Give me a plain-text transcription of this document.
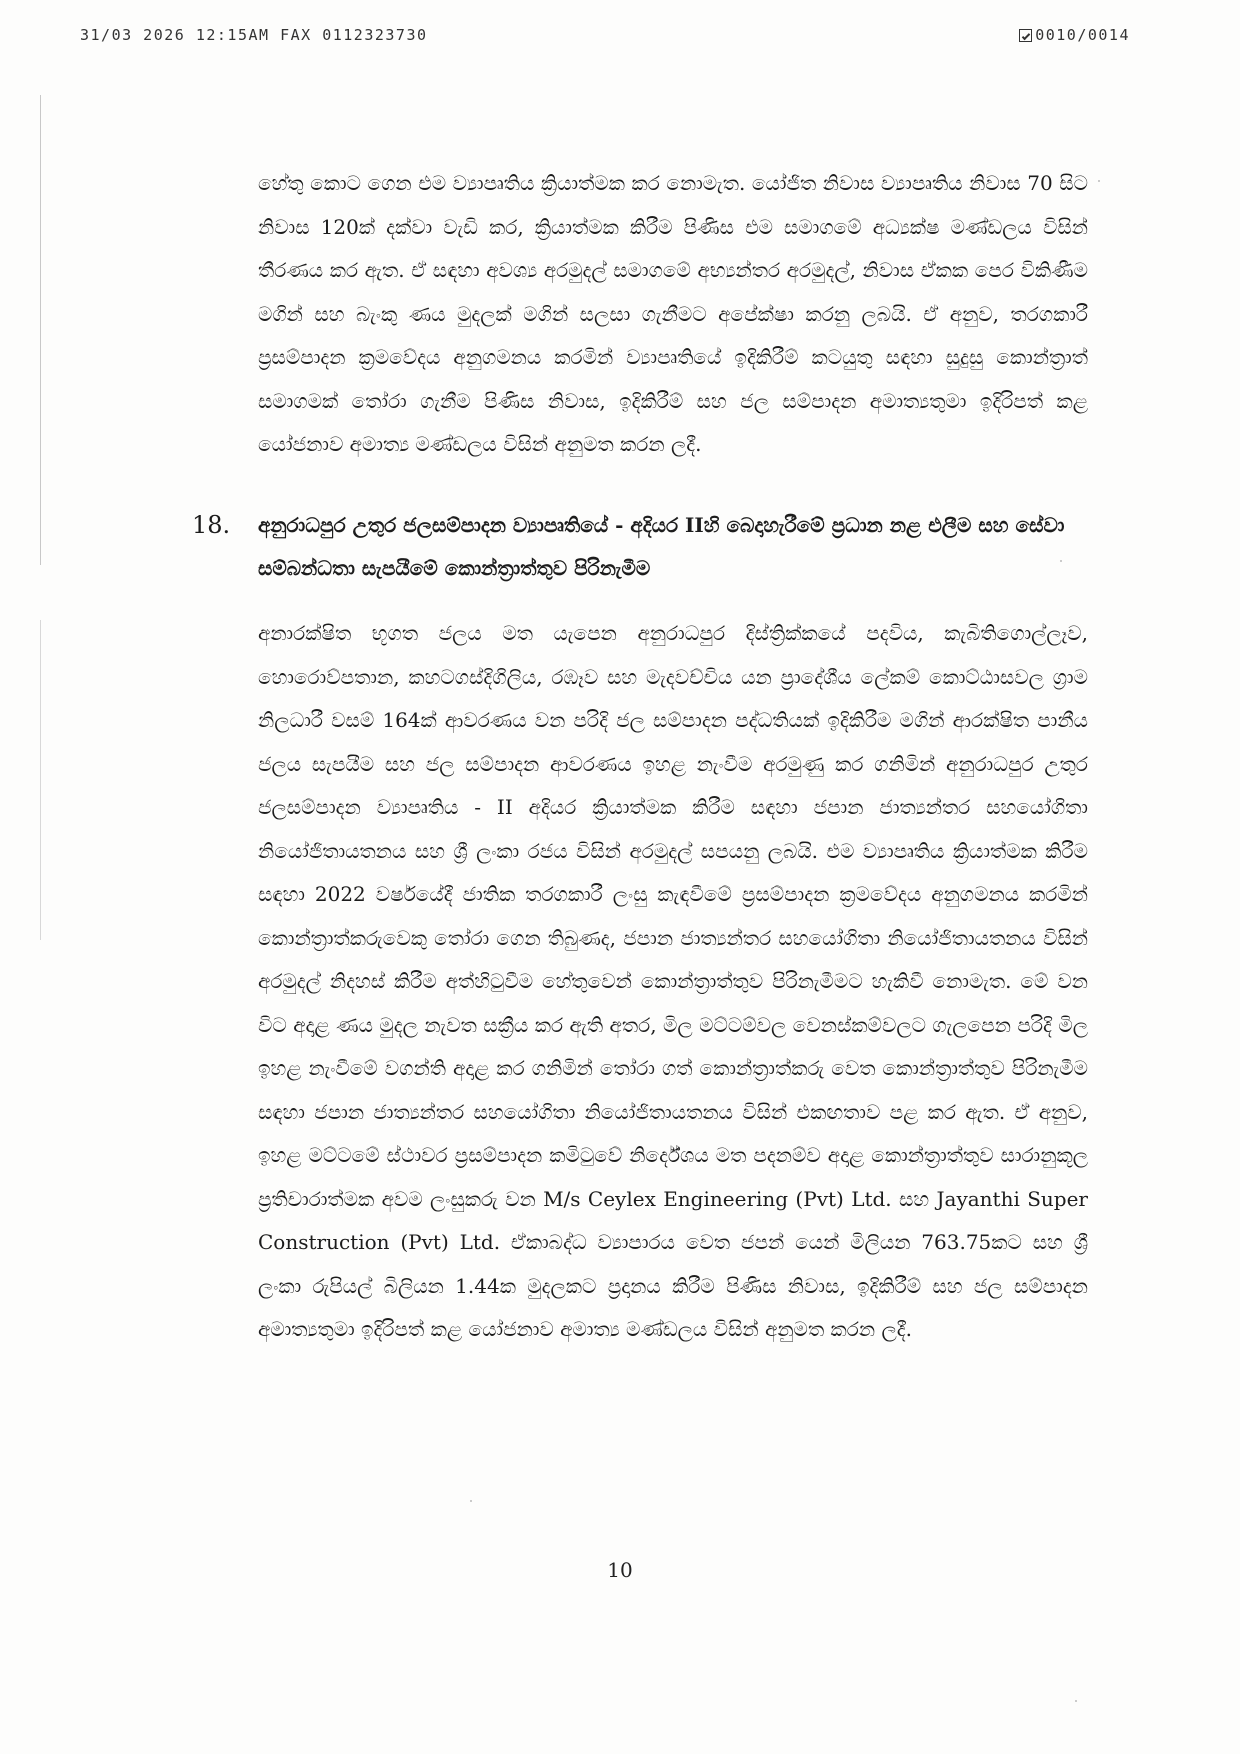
31/03 2026 12:15AM FAX 0112323730	0010/0014

හේතු කොට ගෙන එම ව්‍යාපෘතිය ක්‍රියාත්මක කර නොමැත. යෝජිත නිවාස ව්‍යාපෘතිය නිවාස 70 සිට නිවාස 120ක් දක්වා වැඩි කර, ක්‍රියාත්මක කිරීම පිණිස එම සමාගමේ අධ්‍යක්ෂ මණ්ඩලය විසින් තීරණය කර ඇත. ඒ සඳහා අවශ්‍ය අරමුදල් සමාගමේ අභ්‍යන්තර අරමුදල්, නිවාස ඒකක පෙර විකිණීම මගින් සහ බැංකු ණය මුදලක් මගින් සලසා ගැනීමට අපේක්ෂා කරනු ලබයි. ඒ අනුව, තරගකාරී ප්‍රසම්පාදන ක්‍රමවේදය අනුගමනය කරමින් ව්‍යාපෘතියේ ඉදිකිරීම් කටයුතු සඳහා සුදුසු කොන්ත්‍රාත් සමාගමක් තෝරා ගැනීම පිණිස නිවාස, ඉදිකිරීම් සහ ජල සම්පාදන අමාත්‍යතුමා ඉදිරිපත් කළ යෝජනාව අමාත්‍ය මණ්ඩලය විසින් අනුමත කරන ලදී.

18. අනුරාධපුර උතුර ජලසම්පාදන ව්‍යාපෘතියේ - අදියර IIහි බෙදාහැරීමේ ප්‍රධාන නළ එලීම සහ සේවා සම්බන්ධතා සැපයීමේ කොන්ත්‍රාත්තුව පිරිනැමීම

අනාරක්ෂිත භූගත ජලය මත යැපෙන අනුරාධපුර දිස්ත්‍රික්කයේ පදවිය, කැබිතිගොල්ලෑව, හොරොව්පතාන, කහටගස්දිගිලිය, රඹෑව සහ මැදවච්චිය යන ප්‍රාදේශීය ලේකම් කොට්ඨාසවල ග්‍රාම නිලධාරී වසම් 164ක් ආවරණය වන පරිදි ජල සම්පාදන පද්ධතියක් ඉදිකිරීම මගින් ආරක්ෂිත පානීය ජලය සැපයීම සහ ජල සම්පාදන ආවරණය ඉහළ නැංවීම අරමුණු කර ගනිමින් අනුරාධපුර උතුර ජලසම්පාදන ව්‍යාපෘතිය - II අදියර ක්‍රියාත්මක කිරීම සඳහා ජපාන ජාත්‍යන්තර සහයෝගිතා නියෝජිතායතනය සහ ශ්‍රී ලංකා රජය විසින් අරමුදල් සපයනු ලබයි. එම ව්‍යාපෘතිය ක්‍රියාත්මක කිරීම සඳහා 2022 වර්ෂයේදී ජාතික තරගකාරී ලංසු කැඳවීමේ ප්‍රසම්පාදන ක්‍රමවේදය අනුගමනය කරමින් කොන්ත්‍රාත්කරුවෙකු තෝරා ගෙන තිබුණද, ජපාන ජාත්‍යන්තර සහයෝගිතා නියෝජිතායතනය විසින් අරමුදල් නිදහස් කිරීම අත්හිටුවීම හේතුවෙන් කොන්ත්‍රාත්තුව පිරිනැමීමට හැකිවී නොමැත. මේ වන විට අදාළ ණය මුදල නැවත සක්‍රීය කර ඇති අතර, මිල මට්ටම්වල වෙනස්කම්වලට ගැලපෙන පරිදි මිල ඉහළ නැංවීමේ වගන්ති අදාළ කර ගනිමින් තෝරා ගත් කොන්ත්‍රාත්කරු වෙත කොන්ත්‍රාත්තුව පිරිනැමීම සඳහා ජපාන ජාත්‍යන්තර සහයෝගිතා නියෝජිතායතනය විසින් එකඟතාව පළ කර ඇත. ඒ අනුව, ඉහළ මට්ටමේ ස්ථාවර ප්‍රසම්පාදන කමිටුවේ නිර්දේශය මත පදනම්ව අදාළ කොන්ත්‍රාත්තුව සාරානුකූල ප්‍රතිචාරාත්මක අවම ලංසුකරු වන M/s Ceylex Engineering (Pvt) Ltd. සහ Jayanthi Super Construction (Pvt) Ltd. ඒකාබද්ධ ව්‍යාපාරය වෙත ජපන් යෙන් මිලියන 763.75කට සහ ශ්‍රී ලංකා රුපියල් බිලියන 1.44ක මුදලකට ප්‍රදානය කිරීම පිණිස නිවාස, ඉදිකිරීම් සහ ජල සම්පාදන අමාත්‍යතුමා ඉදිරිපත් කළ යෝජනාව අමාත්‍ය මණ්ඩලය විසින් අනුමත කරන ලදී.

10
